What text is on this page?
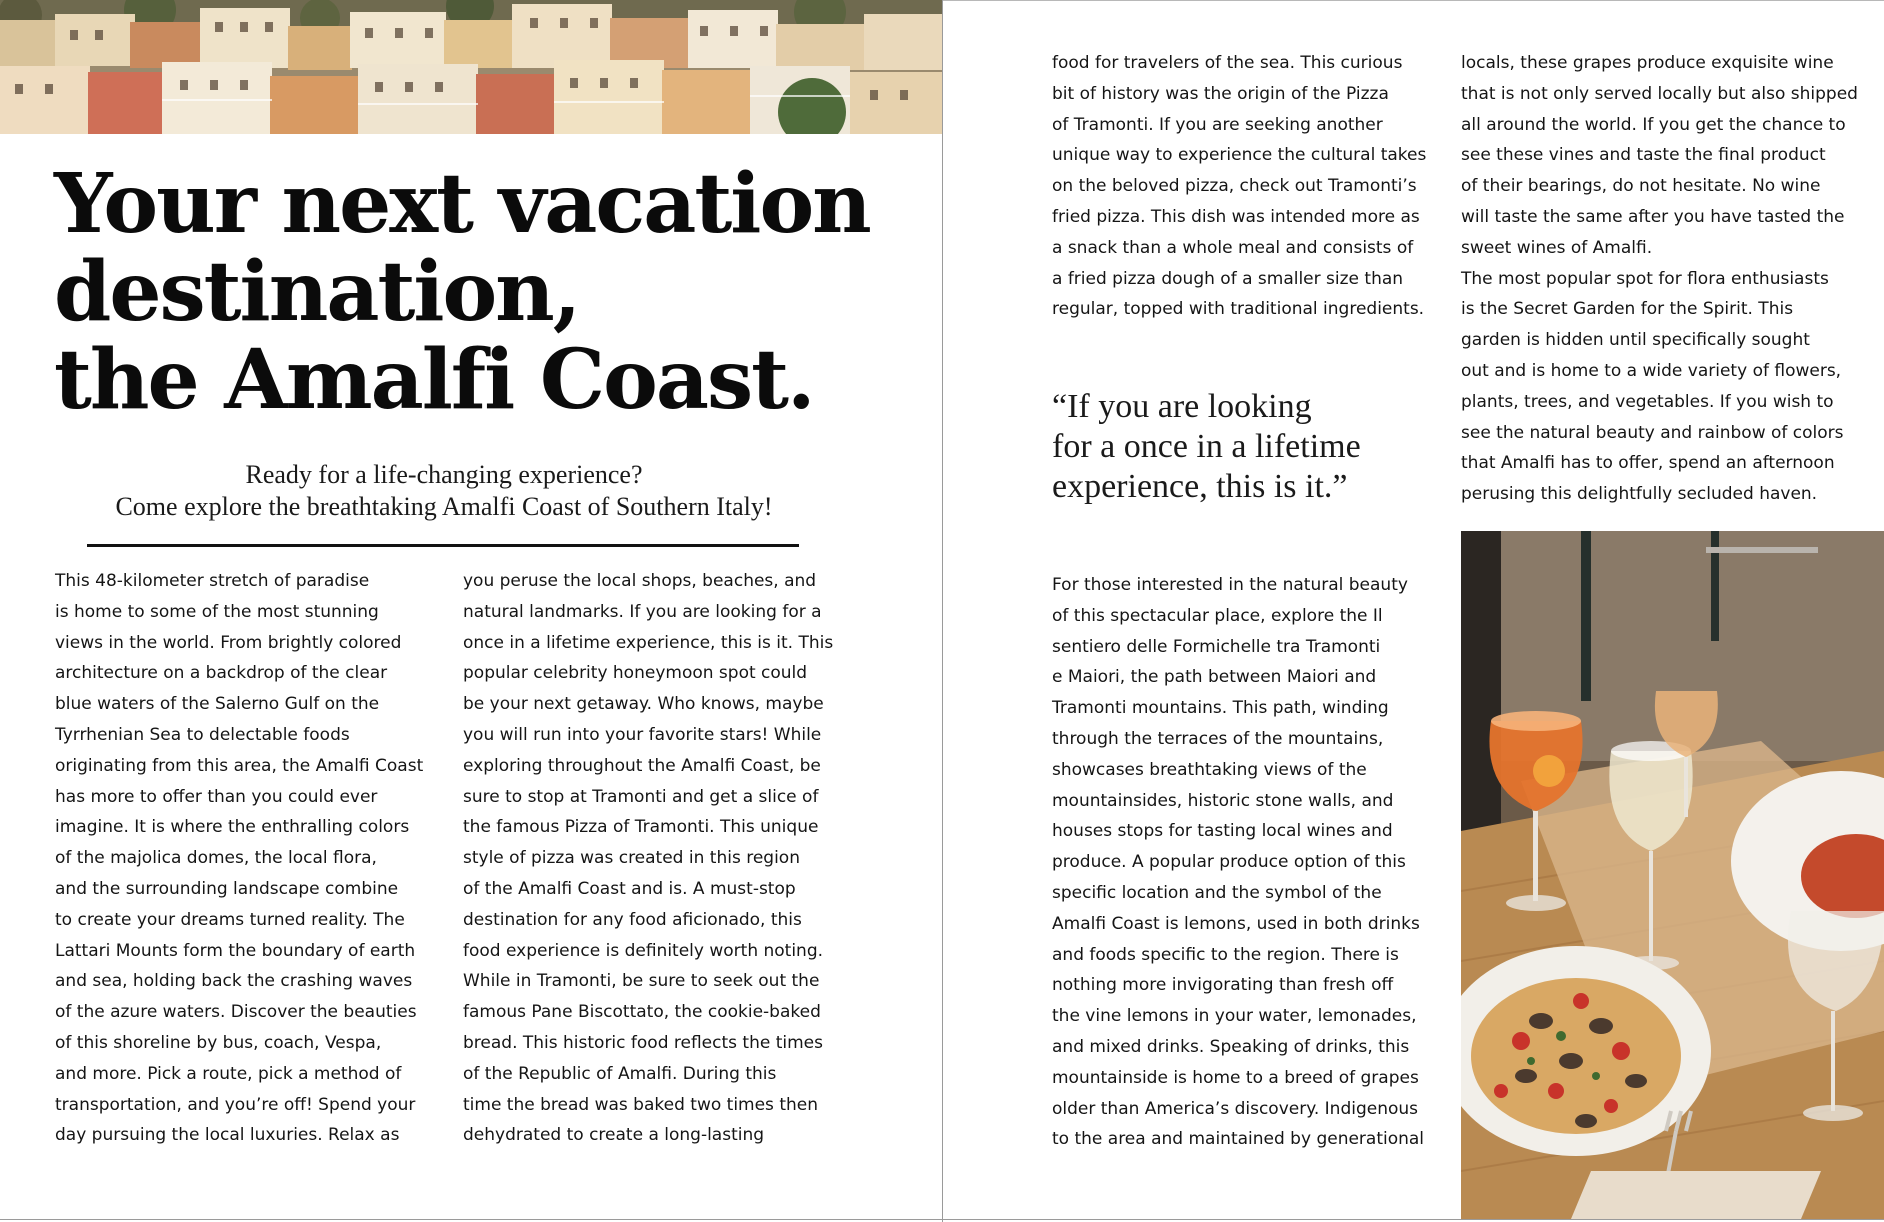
Your next vacation
destination,
the Amalfi Coast.

Ready for a life-changing experience?
Come explore the breathtaking Amalfi Coast of Southern Italy!

This 48-kilometer stretch of paradise
is home to some of the most stunning
views in the world. From brightly colored
architecture on a backdrop of the clear
blue waters of the Salerno Gulf on the
Tyrrhenian Sea to delectable foods
originating from this area, the Amalfi Coast
has more to offer than you could ever
imagine. It is where the enthralling colors
of the majolica domes, the local flora,
and the surrounding landscape combine
to create your dreams turned reality. The
Lattari Mounts form the boundary of earth
and sea, holding back the crashing waves
of the azure waters. Discover the beauties
of this shoreline by bus, coach, Vespa,
and more. Pick a route, pick a method of
transportation, and you’re off! Spend your
day pursuing the local luxuries. Relax as
you peruse the local shops, beaches, and
natural landmarks. If you are looking for a
once in a lifetime experience, this is it. This
popular celebrity honeymoon spot could
be your next getaway. Who knows, maybe
you will run into your favorite stars! While
exploring throughout the Amalfi Coast, be
sure to stop at Tramonti and get a slice of
the famous Pizza of Tramonti. This unique
style of pizza was created in this region
of the Amalfi Coast and is. A must-stop
destination for any food aficionado, this
food experience is definitely worth noting.
While in Tramonti, be sure to seek out the
famous Pane Biscottato, the cookie-baked
bread. This historic food reflects the times
of the Republic of Amalfi. During this
time the bread was baked two times then
dehydrated to create a long-lasting
food for travelers of the sea. This curious
bit of history was the origin of the Pizza
of Tramonti. If you are seeking another
unique way to experience the cultural takes
on the beloved pizza, check out Tramonti’s
fried pizza. This dish was intended more as
a snack than a whole meal and consists of
a fried pizza dough of a smaller size than
regular, topped with traditional ingredients.

“If you are looking
for a once in a lifetime
experience, this is it.”

For those interested in the natural beauty
of this spectacular place, explore the Il
sentiero delle Formichelle tra Tramonti
e Maiori, the path between Maiori and
Tramonti mountains. This path, winding
through the terraces of the mountains,
showcases breathtaking views of the
mountainsides, historic stone walls, and
houses stops for tasting local wines and
produce. A popular produce option of this
specific location and the symbol of the
Amalfi Coast is lemons, used in both drinks
and foods specific to the region. There is
nothing more invigorating than fresh off
the vine lemons in your water, lemonades,
and mixed drinks. Speaking of drinks, this
mountainside is home to a breed of grapes
older than America’s discovery. Indigenous
to the area and maintained by generational
locals, these grapes produce exquisite wine
that is not only served locally but also shipped
all around the world. If you get the chance to
see these vines and taste the final product
of their bearings, do not hesitate. No wine
will taste the same after you have tasted the
sweet wines of Amalfi.
The most popular spot for flora enthusiasts
is the Secret Garden for the Spirit. This
garden is hidden until specifically sought
out and is home to a wide variety of flowers,
plants, trees, and vegetables. If you wish to
see the natural beauty and rainbow of colors
that Amalfi has to offer, spend an afternoon
perusing this delightfully secluded haven.
